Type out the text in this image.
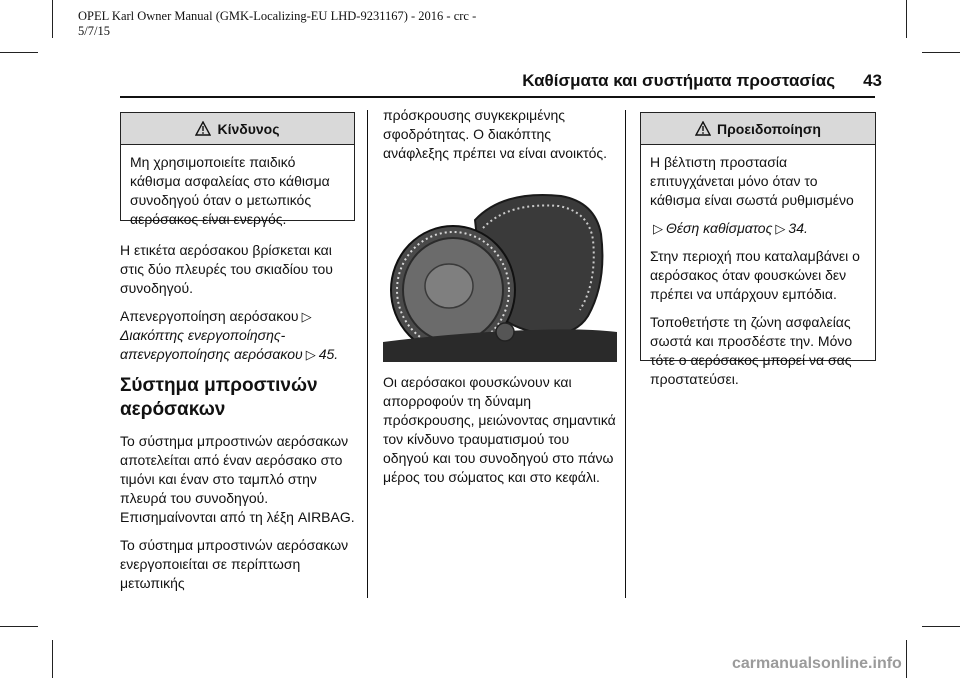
OPEL Karl Owner Manual (GMK-Localizing-EU LHD-9231167) - 2016 - crc -
5/7/15
Καθίσματα και συστήματα προστασίας 43
Κίνδυνος

Μη χρησιμοποιείτε παιδικό κάθισμα ασφαλείας στο κάθισμα συνοδηγού όταν ο μετωπικός αερόσακος είναι ενεργός.

Η ετικέτα αερόσακου βρίσκεται και στις δύο πλευρές του σκιαδίου του συνοδηγού.

Απενεργοποίηση αερόσακου ▷

Διακόπτης ενεργοποίησης-απενεργοποίησης αερόσακου ▷ 45.

Σύστημα μπροστινών αερόσακων

Το σύστημα μπροστινών αερόσακων αποτελείται από έναν αερόσακο στο τιμόνι και έναν στο ταμπλό στην πλευρά του συνοδηγού. Επισημαίνονται από τη λέξη AIRBAG.

Το σύστημα μπροστινών αερόσακων ενεργοποιείται σε περίπτωση μετωπικής

πρόσκρουσης συγκεκριμένης σφοδρότητας. Ο διακόπτης ανάφλεξης πρέπει να είναι ανοικτός.

Οι αερόσακοι φουσκώνουν και απορροφούν τη δύναμη πρόσκρουσης, μειώνοντας σημαντικά τον κίνδυνο τραυματισμού του οδηγού και του συνοδηγού στο πάνω μέρος του σώματος και στο κεφάλι.

Προειδοποίηση

Η βέλτιστη προστασία επιτυγχάνεται μόνο όταν το κάθισμα είναι σωστά ρυθμισμένο

▷ Θέση καθίσματος ▷ 34.

Στην περιοχή που καταλαμβάνει ο αερόσακος όταν φουσκώνει δεν πρέπει να υπάρχουν εμπόδια.

Τοποθετήστε τη ζώνη ασφαλείας σωστά και προσδέστε την. Μόνο τότε ο αερόσακος μπορεί να σας προστατεύσει.

carmanualsonline.info
